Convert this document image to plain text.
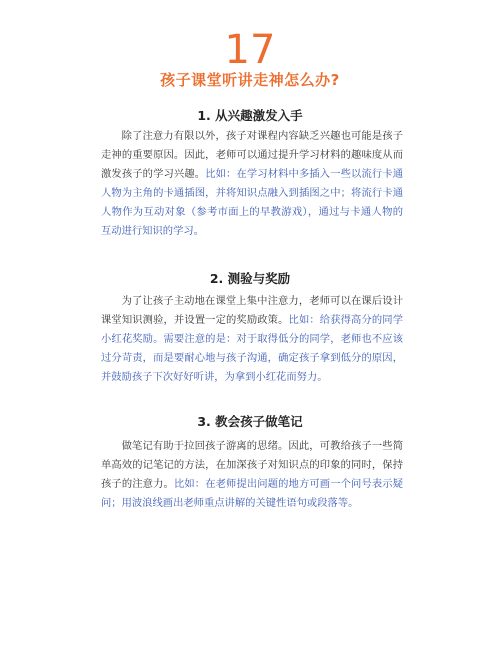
17
孩子课堂听讲走神怎么办?
1. 从兴趣激发入手

除了注意力有限以外，孩子对课程内容缺乏兴趣也可能是孩子走神的重要原因。因此，老师可以通过提升学习材料的趣味度从而激发孩子的学习兴趣。比如：在学习材料中多插入一些以流行卡通人物为主角的卡通插图，并将知识点融入到插图之中；将流行卡通人物作为互动对象（参考市面上的早教游戏），通过与卡通人物的互动进行知识的学习。

2. 测验与奖励

为了让孩子主动地在课堂上集中注意力，老师可以在课后设计课堂知识测验，并设置一定的奖励政策。比如：给获得高分的同学小红花奖励。需要注意的是：对于取得低分的同学，老师也不应该过分苛责，而是要耐心地与孩子沟通，确定孩子拿到低分的原因，并鼓励孩子下次好好听讲，为拿到小红花而努力。

3. 教会孩子做笔记

做笔记有助于拉回孩子游离的思绪。因此，可教给孩子一些简单高效的记笔记的方法，在加深孩子对知识点的印象的同时，保持孩子的注意力。比如：在老师提出问题的地方可画一个问号表示疑问；用波浪线画出老师重点讲解的关键性语句或段落等。
